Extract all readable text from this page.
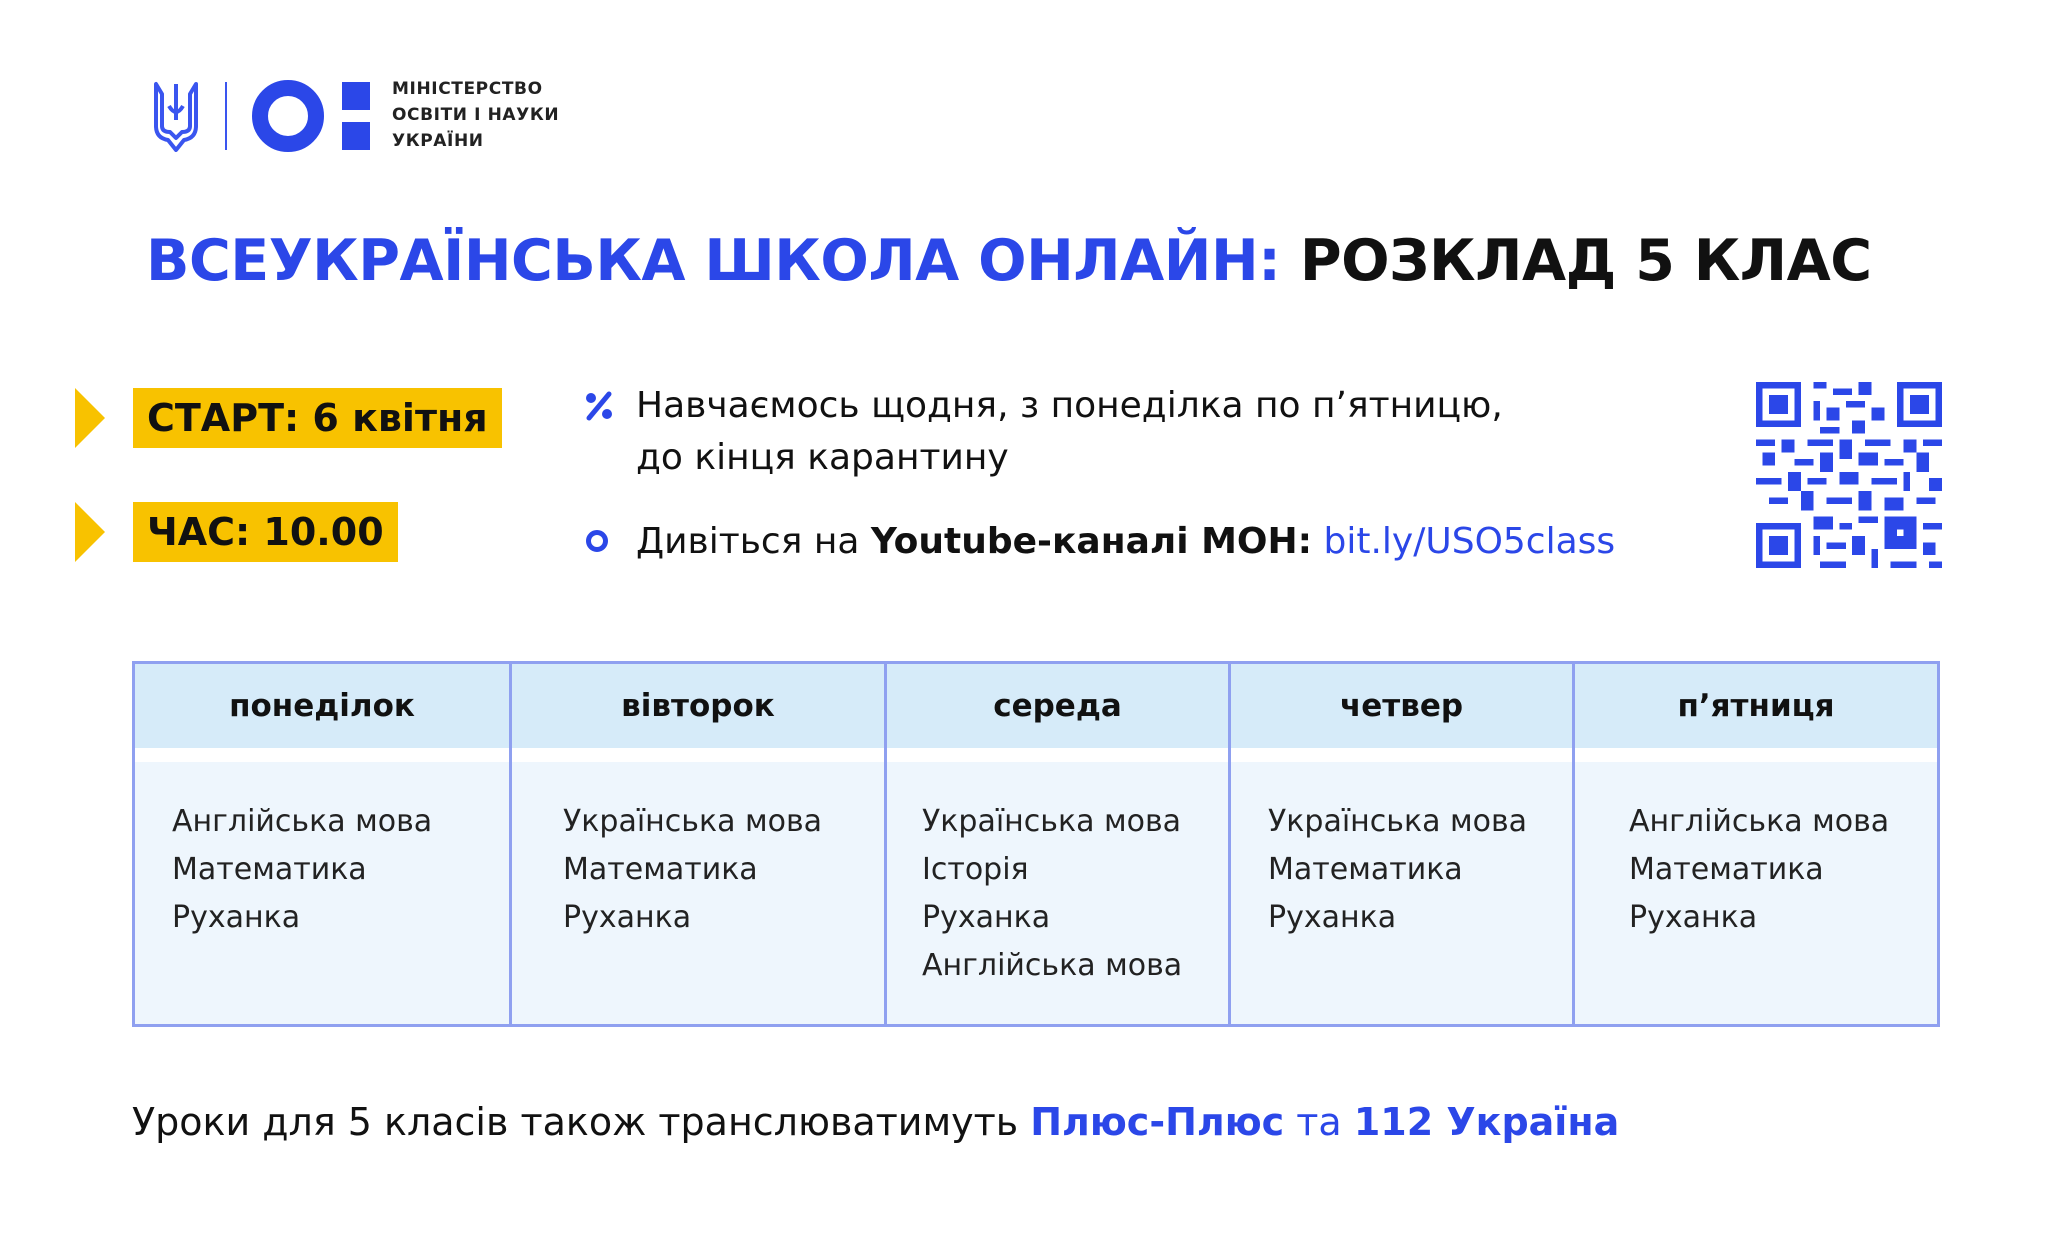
МІНІСТЕРСТВО
ОСВІТИ І НАУКИ
УКРАЇНИ
ВСЕУКРАЇНСЬКА ШКОЛА ОНЛАЙН: РОЗКЛАД 5 КЛАС
СТАРТ: 6 квітня
ЧАС: 10.00
Навчаємось щодня, з понеділка по п’ятницю,
до кінця карантину
Дивіться на Youtube-каналі МОН: bit.ly/USO5class
понеділок
Англійська мова
Математика
Руханка
вівторок
Українська мова
Математика
Руханка
середа
Українська мова
Історія
Руханка
Англійська мова
четвер
Українська мова
Математика
Руханка
п’ятниця
Англійська мова
Математика
Руханка
Уроки для 5 класів також транслюватимуть Плюс-Плюс та 112 Україна
